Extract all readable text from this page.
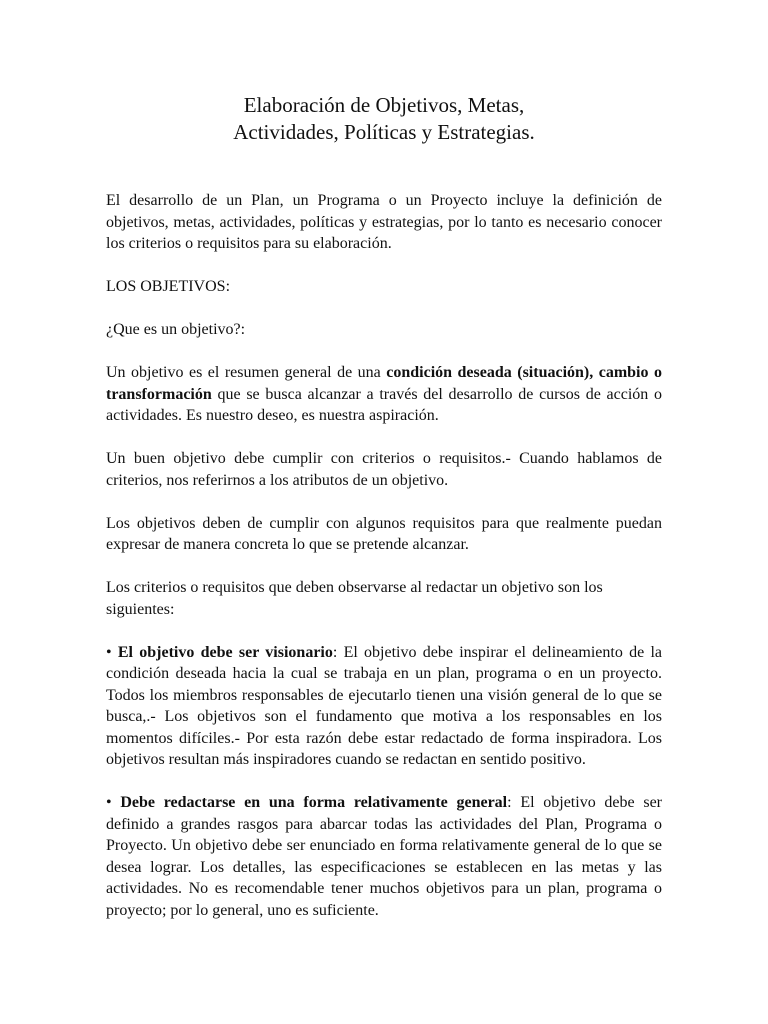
Elaboración de Objetivos, Metas,
Actividades, Políticas y Estrategias.

El desarrollo de un Plan, un Programa o un Proyecto incluye la definición de objetivos, metas, actividades, políticas y estrategias, por lo tanto es necesario conocer los criterios o requisitos para su elaboración.

LOS OBJETIVOS:

¿Que es un objetivo?:

Un objetivo es el resumen general de una condición deseada (situación), cambio o transformación que se busca alcanzar a través del desarrollo de cursos de acción o actividades. Es nuestro deseo, es nuestra aspiración.

Un buen objetivo debe cumplir con criterios o requisitos.- Cuando hablamos de criterios, nos referirnos a los atributos de un objetivo.

Los objetivos deben de cumplir con algunos requisitos para que realmente puedan expresar de manera concreta lo que se pretende alcanzar.

Los criterios o requisitos que deben observarse al redactar un objetivo son los siguientes:

• El objetivo debe ser visionario: El objetivo debe inspirar el delineamiento de la condición deseada hacia la cual se trabaja en un plan, programa o en un proyecto. Todos los miembros responsables de ejecutarlo tienen una visión general de lo que se busca,.- Los objetivos son el fundamento que motiva a los responsables en los momentos difíciles.- Por esta razón debe estar redactado de forma inspiradora. Los objetivos resultan más inspiradores cuando se redactan en sentido positivo.

• Debe redactarse en una forma relativamente general: El objetivo debe ser definido a grandes rasgos para abarcar todas las actividades del Plan, Programa o Proyecto. Un objetivo debe ser enunciado en forma relativamente general de lo que se desea lograr. Los detalles, las especificaciones se establecen en las metas y las actividades. No es recomendable tener muchos objetivos para un plan, programa o proyecto; por lo general, uno es suficiente.
